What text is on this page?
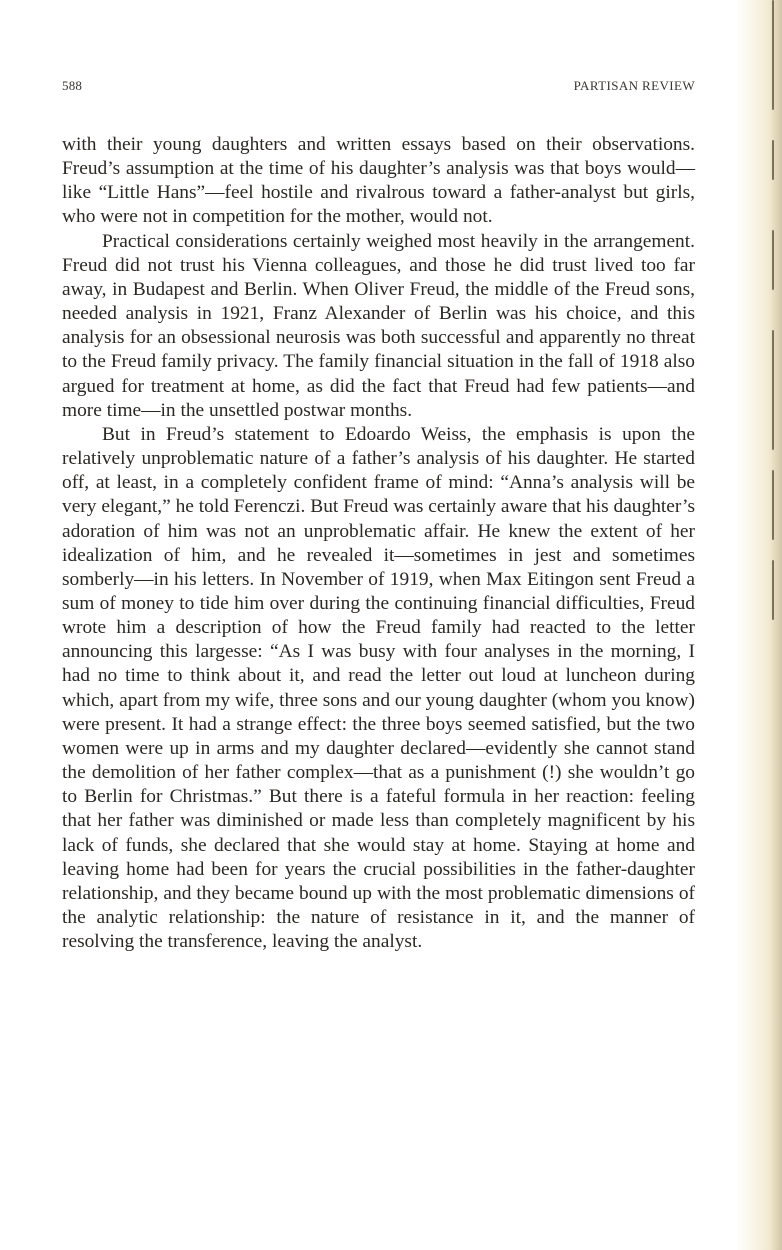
588	PARTISAN REVIEW

with their young daughters and written essays based on their observations. Freud’s assumption at the time of his daughter’s analysis was that boys would—like “Little Hans”—feel hostile and rivalrous toward a father-analyst but girls, who were not in competition for the mother, would not.

Practical considerations certainly weighed most heavily in the arrangement. Freud did not trust his Vienna colleagues, and those he did trust lived too far away, in Budapest and Berlin. When Oliver Freud, the middle of the Freud sons, needed analysis in 1921, Franz Alexander of Berlin was his choice, and this analysis for an obsessional neurosis was both successful and apparently no threat to the Freud family privacy. The family financial situation in the fall of 1918 also argued for treatment at home, as did the fact that Freud had few patients—and more time—in the unsettled postwar months.

But in Freud’s statement to Edoardo Weiss, the emphasis is upon the relatively unproblematic nature of a father’s analysis of his daughter. He started off, at least, in a completely confident frame of mind: “Anna’s analysis will be very elegant,” he told Ferenczi. But Freud was certainly aware that his daughter’s adoration of him was not an unproblematic affair. He knew the extent of her idealization of him, and he revealed it—sometimes in jest and sometimes somberly—in his letters. In November of 1919, when Max Eitingon sent Freud a sum of money to tide him over during the continuing financial difficulties, Freud wrote him a description of how the Freud family had reacted to the letter announcing this largesse: “As I was busy with four analyses in the morning, I had no time to think about it, and read the letter out loud at luncheon during which, apart from my wife, three sons and our young daughter (whom you know) were present. It had a strange effect: the three boys seemed satisfied, but the two women were up in arms and my daughter declared—evidently she cannot stand the demolition of her father complex—that as a punishment (!) she wouldn’t go to Berlin for Christmas.” But there is a fateful formula in her reaction: feeling that her father was diminished or made less than completely magnificent by his lack of funds, she declared that she would stay at home. Staying at home and leaving home had been for years the crucial possibilities in the father-daughter relationship, and they became bound up with the most problematic dimensions of the analytic relationship: the nature of resistance in it, and the manner of resolving the transference, leaving the analyst.
